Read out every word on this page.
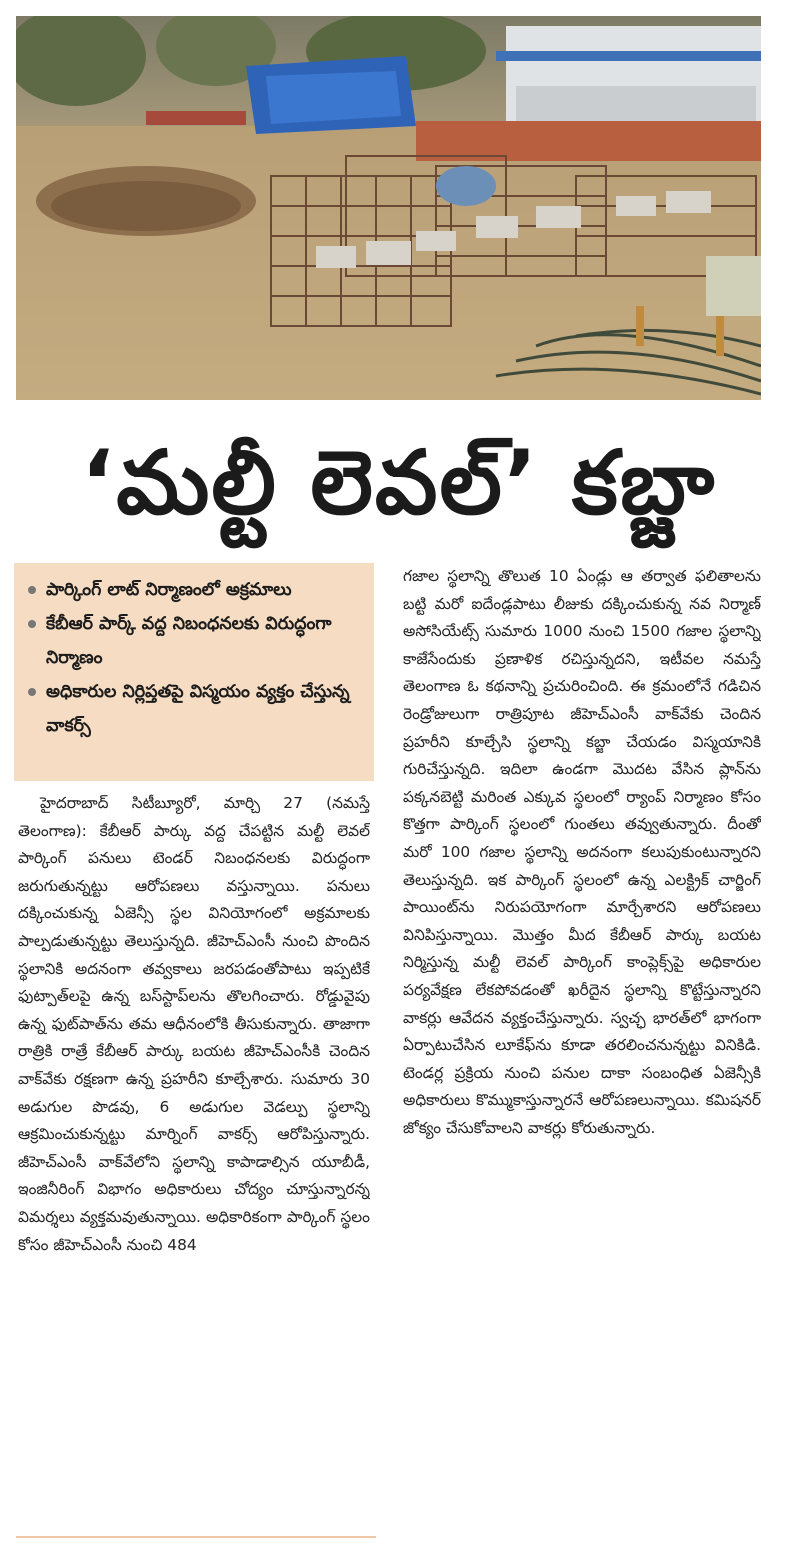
‘మల్టీ లెవల్’ కబ్జా
పార్కింగ్ లాట్ నిర్మాణంలో అక్రమాలు
కేబీఆర్ పార్క్ వద్ద నిబంధనలకు విరుద్ధంగా నిర్మాణం
అధికారుల నిర్లిప్తతపై విస్మయం వ్యక్తం చేస్తున్న వాకర్స్

హైదరాబాద్ సిటీబ్యూరో, మార్చి 27 (నమస్తే తెలంగాణ): కేబీఆర్ పార్కు వద్ద చేపట్టిన మల్టీ లెవల్ పార్కింగ్ పనులు టెండర్ నిబంధనలకు విరుద్ధంగా జరుగుతున్నట్టు ఆరోపణలు వస్తున్నాయి. పనులు దక్కించుకున్న ఏజెన్సీ స్థల వినియోగంలో అక్రమాలకు పాల్పడుతున్నట్టు తెలుస్తున్నది. జీహెచ్ఎంసీ నుంచి పొందిన స్థలానికి అదనంగా తవ్వకాలు జరపడంతోపాటు ఇప్పటికే ఫుట్పాత్‌లపై ఉన్న బస్‌స్టాప్‌లను తొలగించారు. రోడ్డువైపు ఉన్న ఫుట్‌పాత్‌ను తమ ఆధీనంలోకి తీసుకున్నారు. తాజాగా రాత్రికి రాత్రే కేబీఆర్ పార్కు బయట జీహెచ్ఎంసీకి చెందిన వాక్‌వేకు రక్షణగా ఉన్న ప్రహరీని కూల్చేశారు. సుమారు 30 అడుగుల పొడవు, 6 అడుగుల వెడల్పు స్థలాన్ని ఆక్రమించుకున్నట్టు మార్నింగ్ వాకర్స్ ఆరోపిస్తున్నారు. జీహెచ్ఎంసీ వాక్‌వేలోని స్థలాన్ని కాపాడాల్సిన యూబీడీ, ఇంజినీరింగ్ విభాగం అధికారులు చోద్యం చూస్తున్నారన్న విమర్శలు వ్యక్తమవుతున్నాయి. అధికారికంగా పార్కింగ్ స్థలం కోసం జీహెచ్ఎంసీ నుంచి 484

గజాల స్థలాన్ని తొలుత 10 ఏండ్లు ఆ తర్వాత ఫలితాలను బట్టి మరో ఐదేండ్లపాటు లీజుకు దక్కించుకున్న నవ నిర్మాణ్ అసోసియేట్స్ సుమారు 1000 నుంచి 1500 గజాల స్థలాన్ని కాజేసేందుకు ప్రణాళిక రచిస్తున్నదని, ఇటీవల నమస్తే తెలంగాణ ఓ కథనాన్ని ప్రచురించింది. ఈ క్రమంలోనే గడిచిన రెండ్రోజులుగా రాత్రిపూట జీహెచ్ఎంసీ వాక్‌వేకు చెందిన ప్రహరీని కూల్చేసి స్థలాన్ని కబ్జా చేయడం విస్మయానికి గురిచేస్తున్నది. ఇదిలా ఉండగా మొదట వేసిన ప్లాన్‌ను పక్కనబెట్టి మరింత ఎక్కువ స్థలంలో ర్యాంప్ నిర్మాణం కోసం కొత్తగా పార్కింగ్ స్థలంలో గుంతలు తవ్వుతున్నారు. దీంతో మరో 100 గజాల స్థలాన్ని అదనంగా కలుపుకుంటున్నారని తెలుస్తున్నది. ఇక పార్కింగ్ స్థలంలో ఉన్న ఎలక్ట్రిక్ చార్జింగ్ పాయింట్‌ను నిరుపయోగంగా మార్చేశారని ఆరోపణలు వినిపిస్తున్నాయి. మొత్తం మీద కేబీఆర్ పార్కు బయట నిర్మిస్తున్న మల్టీ లెవల్ పార్కింగ్ కాంప్లెక్స్‌పై అధికారుల పర్యవేక్షణ లేకపోవడంతో ఖరీదైన స్థలాన్ని కొట్టేస్తున్నారని వాకర్లు ఆవేదన వ్యక్తంచేస్తున్నారు. స్వచ్ఛ భారత్‌లో భాగంగా ఏర్పాటుచేసిన లూకేఫ్‌ను కూడా తరలించనున్నట్టు వినికిడి. టెండర్ల ప్రక్రియ నుంచి పనుల దాకా సంబంధిత ఏజెన్సీకి అధికారులు కొమ్ముకాస్తున్నారనే ఆరోపణలున్నాయి. కమిషనర్ జోక్యం చేసుకోవాలని వాకర్లు కోరుతున్నారు.
